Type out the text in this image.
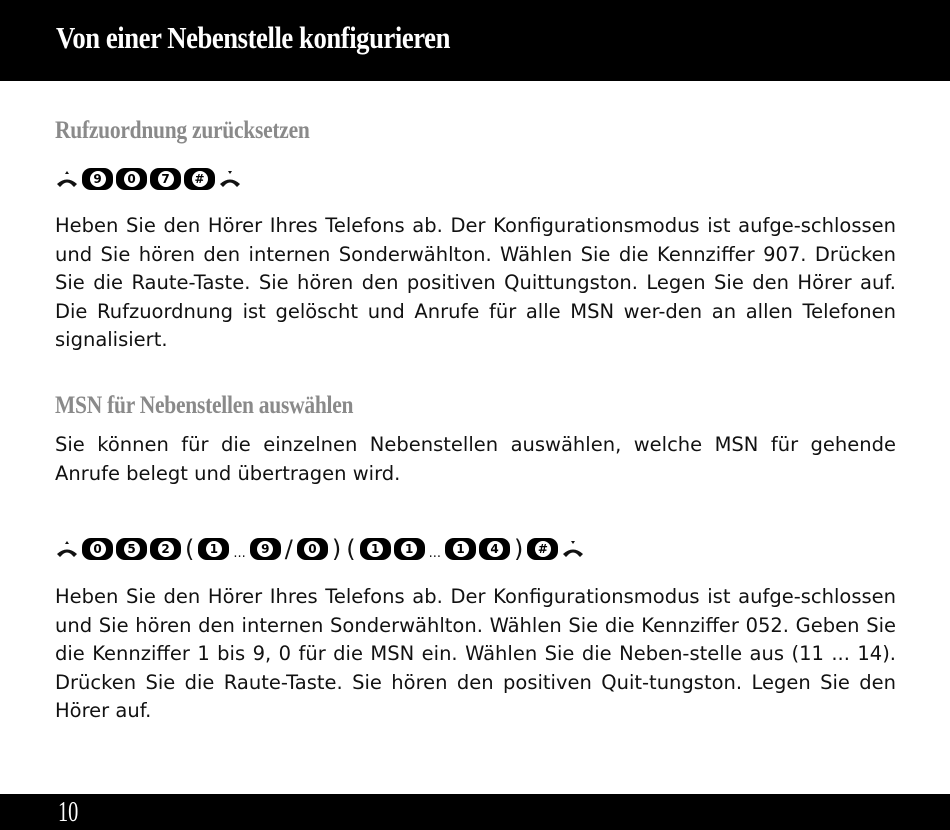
Von einer Nebenstelle konfigurieren
Rufzuordnung zurücksetzen
9	0	7	#

Heben Sie den Hörer Ihres Telefons ab. Der Konfigurationsmodus ist aufge-schlossen und Sie hören den internen Sonderwählton. Wählen Sie die Kennziffer 907. Drücken Sie die Raute-Taste. Sie hören den positiven Quittungston. Legen Sie den Hörer auf. Die Rufzuordnung ist gelöscht und Anrufe für alle MSN wer-den an allen Telefonen signalisiert.

MSN für Nebenstellen auswählen

Sie können für die einzelnen Nebenstellen auswählen, welche MSN für gehende Anrufe belegt und übertragen wird.

0	5	2 (	1 ...	9 /	0 ) (	1	1 ...	1	4 ) #

Heben Sie den Hörer Ihres Telefons ab. Der Konfigurationsmodus ist aufge-schlossen und Sie hören den internen Sonderwählton. Wählen Sie die Kennziffer 052. Geben Sie die Kennziffer 1 bis 9, 0 für die MSN ein. Wählen Sie die Neben-stelle aus (11 ... 14). Drücken Sie die Raute-Taste. Sie hören den positiven Quit-tungston. Legen Sie den Hörer auf.

10
